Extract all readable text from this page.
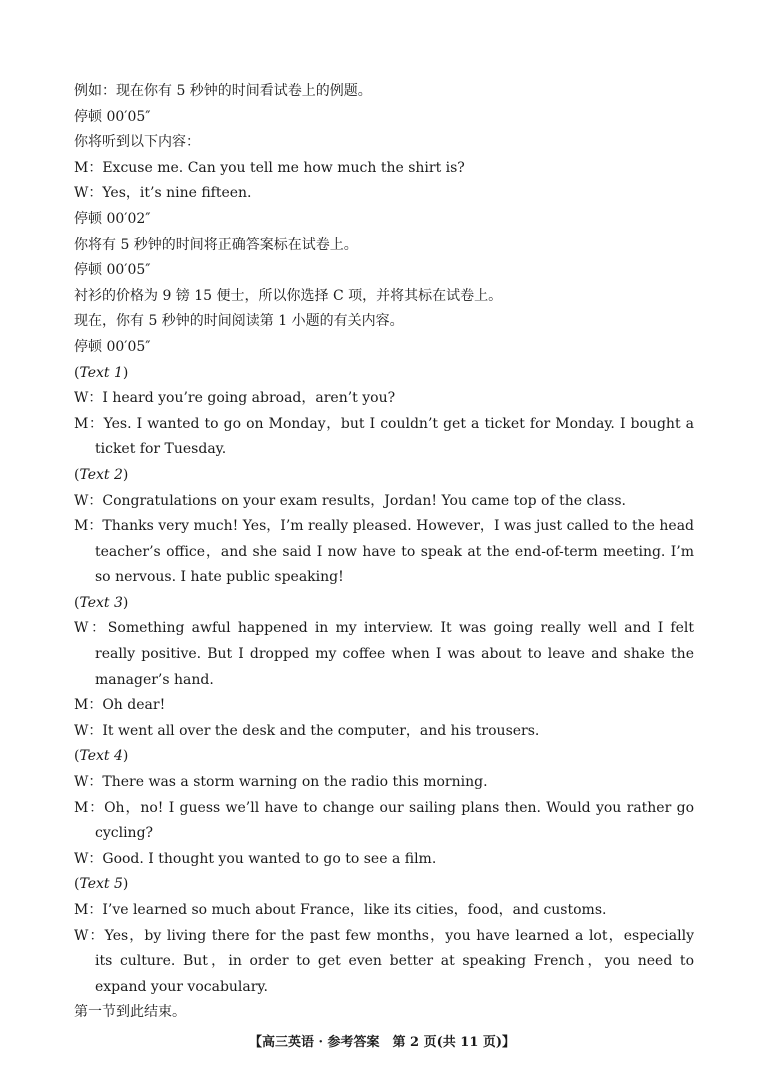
例如：现在你有 5 秒钟的时间看试卷上的例题。
停顿 00′05″
你将听到以下内容：
M：Excuse me. Can you tell me how much the shirt is?
W：Yes，it’s nine fifteen.
停顿 00′02″
你将有 5 秒钟的时间将正确答案标在试卷上。
停顿 00′05″
衬衫的价格为 9 镑 15 便士，所以你选择 C 项，并将其标在试卷上。
现在，你有 5 秒钟的时间阅读第 1 小题的有关内容。
停顿 00′05″
(Text 1)
W：I heard you’re going abroad，aren’t you?
M：Yes. I wanted to go on Monday，but I couldn’t get a ticket for Monday. I bought a ticket for Tuesday.
(Text 2)
W：Congratulations on your exam results，Jordan! You came top of the class.
M：Thanks very much! Yes，I’m really pleased. However，I was just called to the head teacher’s office，and she said I now have to speak at the end-of-term meeting. I’m so nervous. I hate public speaking!
(Text 3)
W：Something awful happened in my interview. It was going really well and I felt really positive. But I dropped my coffee when I was about to leave and shake the manager’s hand.
M：Oh dear!
W：It went all over the desk and the computer，and his trousers.
(Text 4)
W：There was a storm warning on the radio this morning.
M：Oh，no! I guess we’ll have to change our sailing plans then. Would you rather go cycling?
W：Good. I thought you wanted to go to see a film.
(Text 5)
M：I’ve learned so much about France，like its cities，food，and customs.
W：Yes，by living there for the past few months，you have learned a lot，especially its culture. But，in order to get even better at speaking French，you need to expand your vocabulary.
第一节到此结束。
【高三英语 · 参考答案　第 2 页(共 11 页)】
